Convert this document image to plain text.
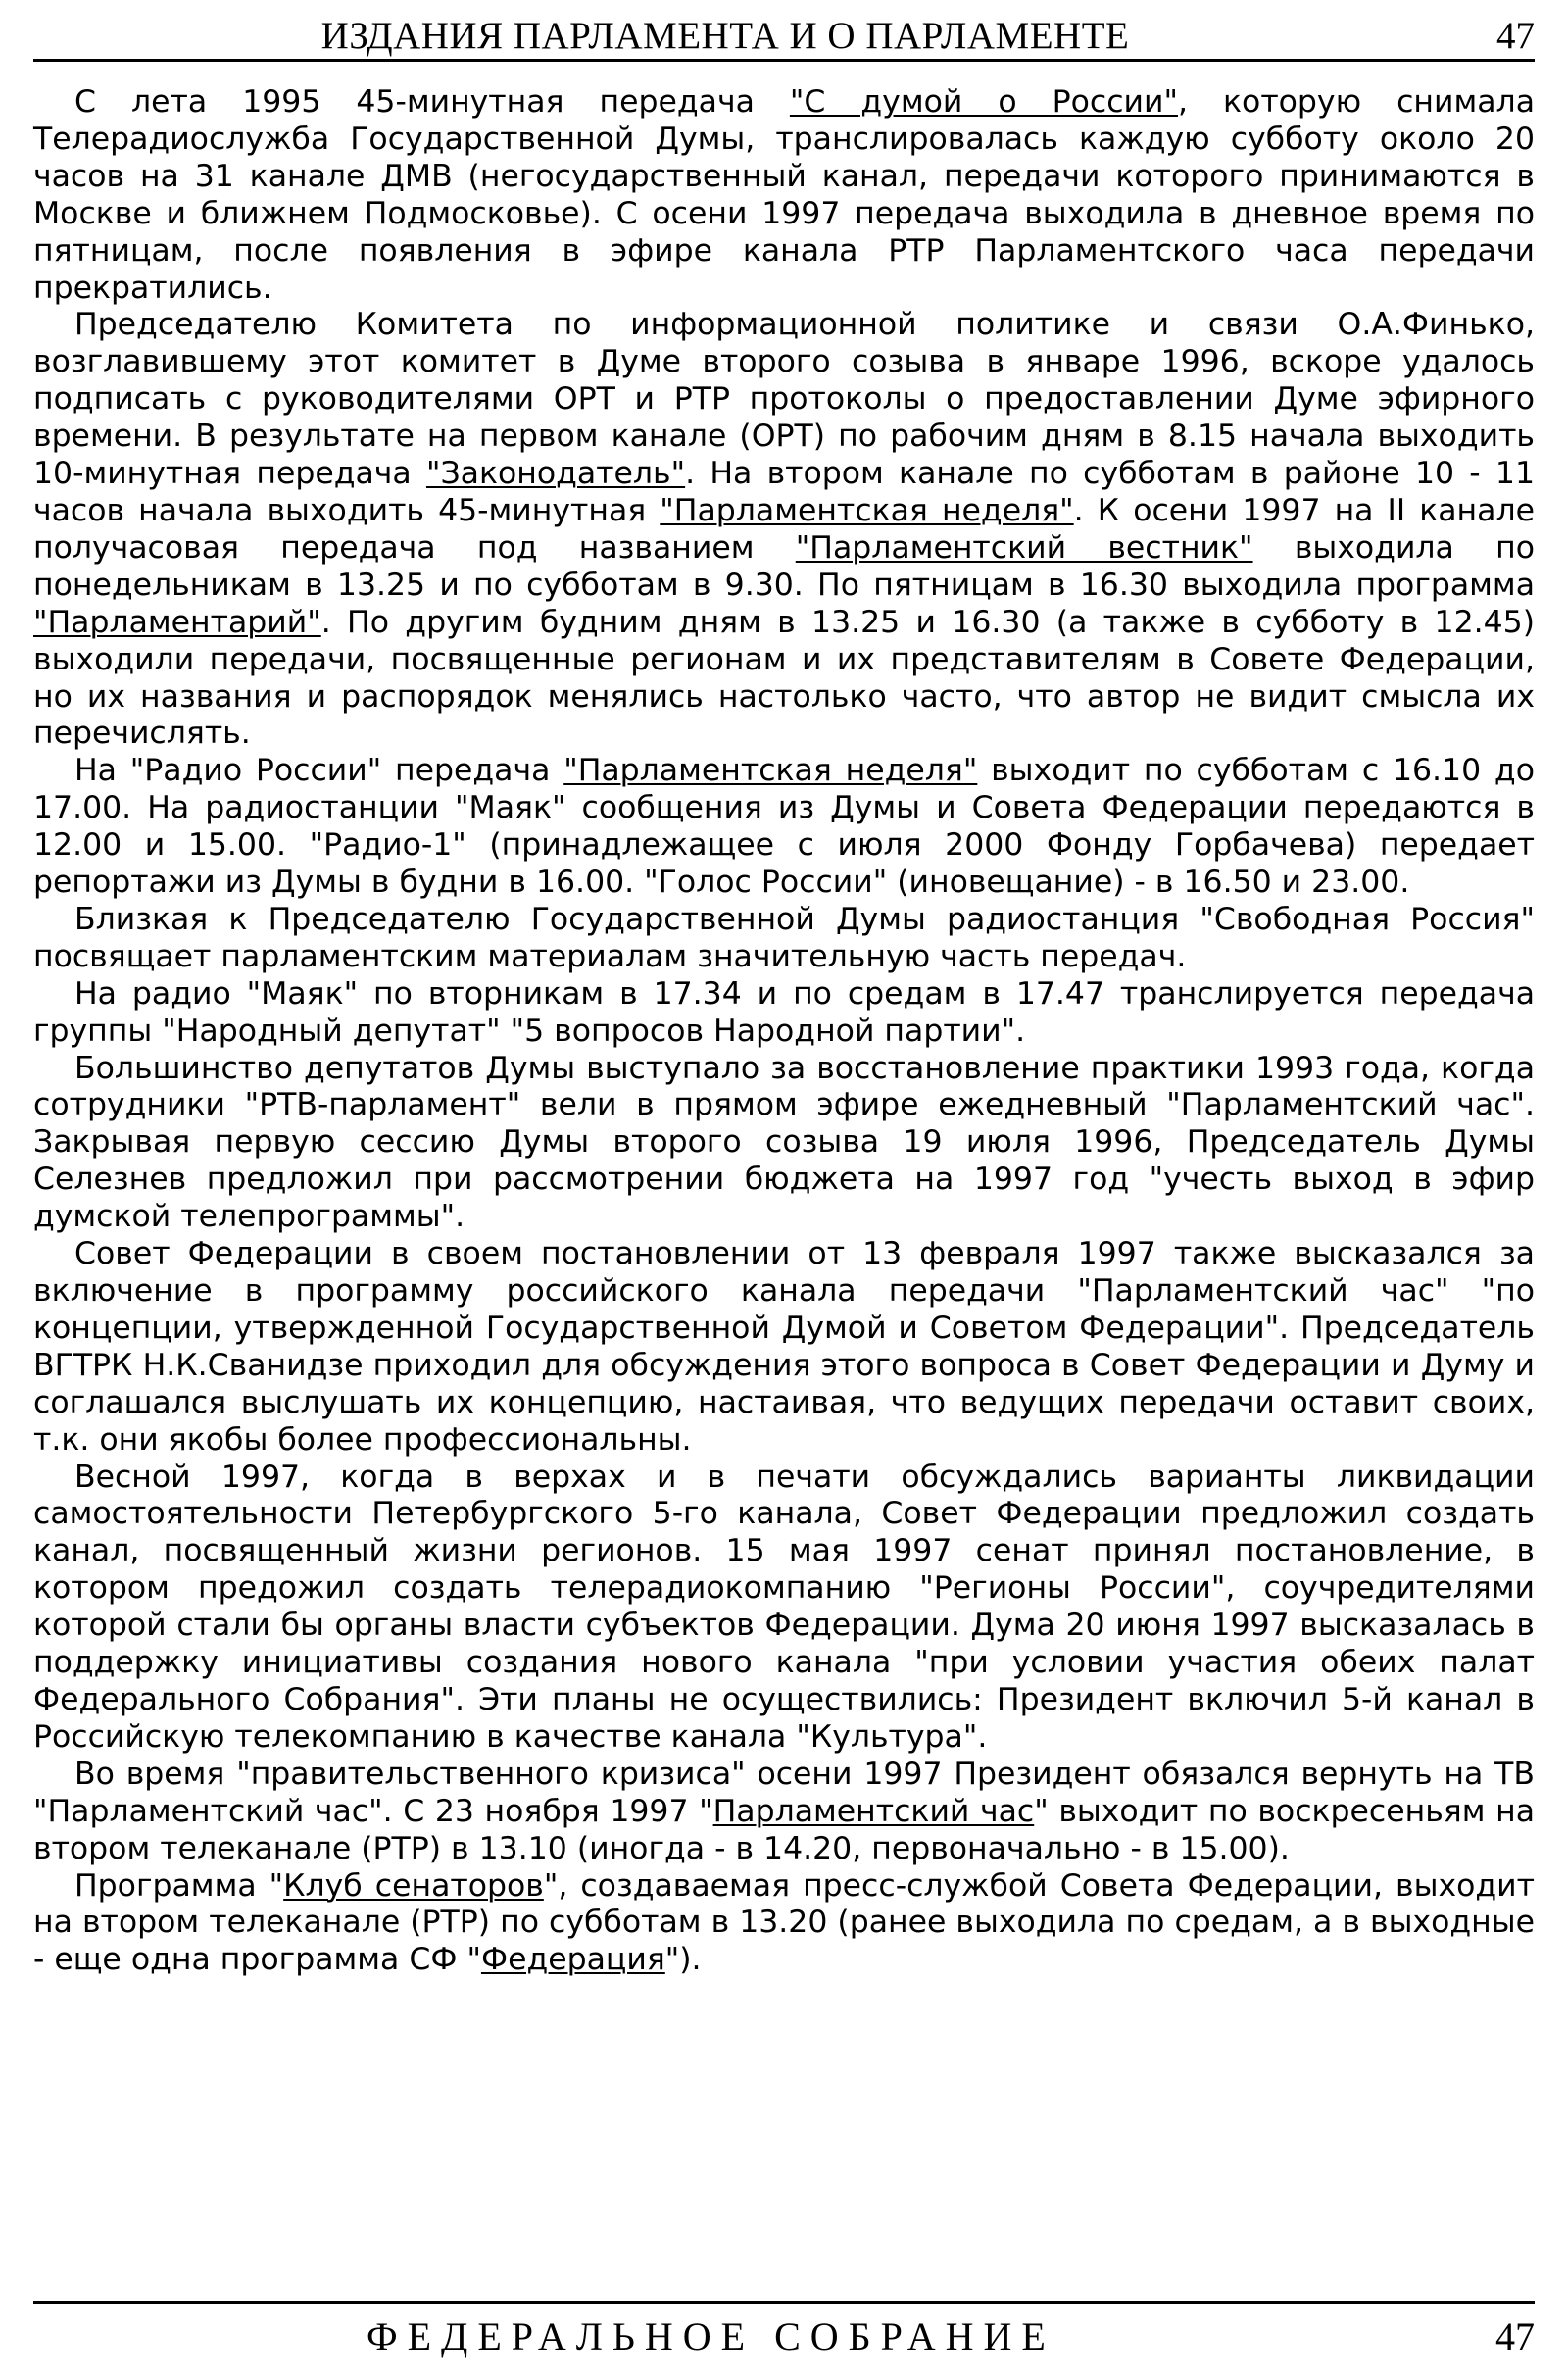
ИЗДАНИЯ ПАРЛАМЕНТА И О ПАРЛАМЕНТЕ	47

С лета 1995 45-минутная передача "С думой о России", которую снимала Телерадиослужба Государственной Думы, транслировалась каждую субботу около 20 часов на 31 канале ДМВ (негосударственный канал, передачи которого принимаются в Москве и ближнем Подмосковье). С осени 1997 передача выходила в дневное время по пятницам, после появления в эфире канала РТР Парламентского часа передачи прекратились.

Председателю Комитета по информационной политике и связи О.А.Финько, возглавившему этот комитет в Думе второго созыва в январе 1996, вскоре удалось подписать с руководителями ОРТ и РТР протоколы о предоставлении Думе эфирного времени. В результате на первом канале (ОРТ) по рабочим дням в 8.15 начала выходить 10-минутная передача "Законодатель". На втором канале по субботам в районе 10 - 11 часов начала выходить 45-минутная "Парламентская неделя". К осени 1997 на II канале получасовая передача под названием "Парламентский вестник" выходила по понедельникам в 13.25 и по субботам в 9.30. По пятницам в 16.30 выходила программа "Парламентарий". По другим будним дням в 13.25 и 16.30 (а также в субботу в 12.45) выходили передачи, посвященные регионам и их представителям в Совете Федерации, но их названия и распорядок менялись настолько часто, что автор не видит смысла их перечислять.

На "Радио России" передача "Парламентская неделя" выходит по субботам с 16.10 до 17.00. На радиостанции "Маяк" сообщения из Думы и Совета Федерации передаются в 12.00 и 15.00. "Радио-1" (принадлежащее с июля 2000 Фонду Горбачева) передает репортажи из Думы в будни в 16.00. "Голос России" (иновещание) - в 16.50 и 23.00.

Близкая к Председателю Государственной Думы радиостанция "Свободная Россия" посвящает парламентским материалам значительную часть передач.

На радио "Маяк" по вторникам в 17.34 и по средам в 17.47 транслируется передача группы "Народный депутат" "5 вопросов Народной партии".

Большинство депутатов Думы выступало за восстановление практики 1993 года, когда сотрудники "РТВ-парламент" вели в прямом эфире ежедневный "Парламентский час". Закрывая первую сессию Думы второго созыва 19 июля 1996, Председатель Думы Селезнев предложил при рассмотрении бюджета на 1997 год "учесть выход в эфир думской телепрограммы".

Совет Федерации в своем постановлении от 13 февраля 1997 также высказался за включение в программу российского канала передачи "Парламентский час" "по концепции, утвержденной Государственной Думой и Советом Федерации". Председатель ВГТРК Н.К.Сванидзе приходил для обсуждения этого вопроса в Совет Федерации и Думу и соглашался выслушать их концепцию, настаивая, что ведущих передачи оставит своих, т.к. они якобы более профессиональны.

Весной 1997, когда в верхах и в печати обсуждались варианты ликвидации самостоятельности Петербургского 5-го канала, Совет Федерации предложил создать канал, посвященный жизни регионов. 15 мая 1997 сенат принял постановление, в котором предожил создать телерадиокомпанию "Регионы России", соучредителями которой стали бы органы власти субъектов Федерации. Дума 20 июня 1997 высказалась в поддержку инициативы создания нового канала "при условии участия обеих палат Федерального Собрания". Эти планы не осуществились: Президент включил 5-й канал в Российскую телекомпанию в качестве канала "Культура".

Во время "правительственного кризиса" осени 1997 Президент обязался вернуть на ТВ "Парламентский час". С 23 ноября 1997 "Парламентский час" выходит по воскресеньям на втором телеканале (РТР) в 13.10 (иногда - в 14.20, первоначально - в 15.00).

Программа "Клуб сенаторов", создаваемая пресс-службой Совета Федерации, выходит на втором телеканале (РТР) по субботам в 13.20 (ранее выходила по средам, а в выходные - еще одна программа СФ "Федерация").

ФЕДЕРАЛЬНОЕ СОБРАНИЕ	47
